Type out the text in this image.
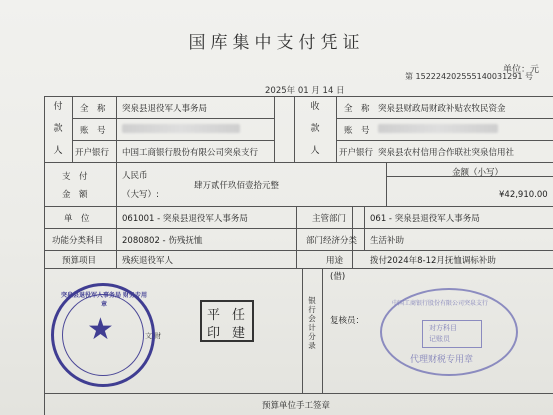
国库集中支付凭证
单位：元
第 152224202555140031291 号
2025年 01 月 14 日
付
款
人
全　称 突泉县退役军人事务局
账　号
开户银行 中国工商银行股份有限公司突泉支行
收
款
人
全　称 突泉县财政局财政补贴农牧民资金
账　号
开户银行 突泉县农村信用合作联社突泉信用社
支　付
金　额
人民币
（大写）:
肆万贰仟玖佰壹拾元整
金额（小写）
¥42,910.00
单　位	061001 - 突泉县退役军人事务局	主管部门	061 - 突泉县退役军人事务局
功能分类科目 2080802 - 伤残抚恤	部门经济分类 生活补助
预算项目	残疾退役军人	用途	拨付2024年8-12月抚恤调标补助
(借)
银行会计分录
复核员：
预算单位手工签章
★
突泉县退役军人事务局 财务专用章
平 任
印 建
文 财
中国工商银行股份有限公司突泉支行
对方科目
记账员
代理财税专用章
